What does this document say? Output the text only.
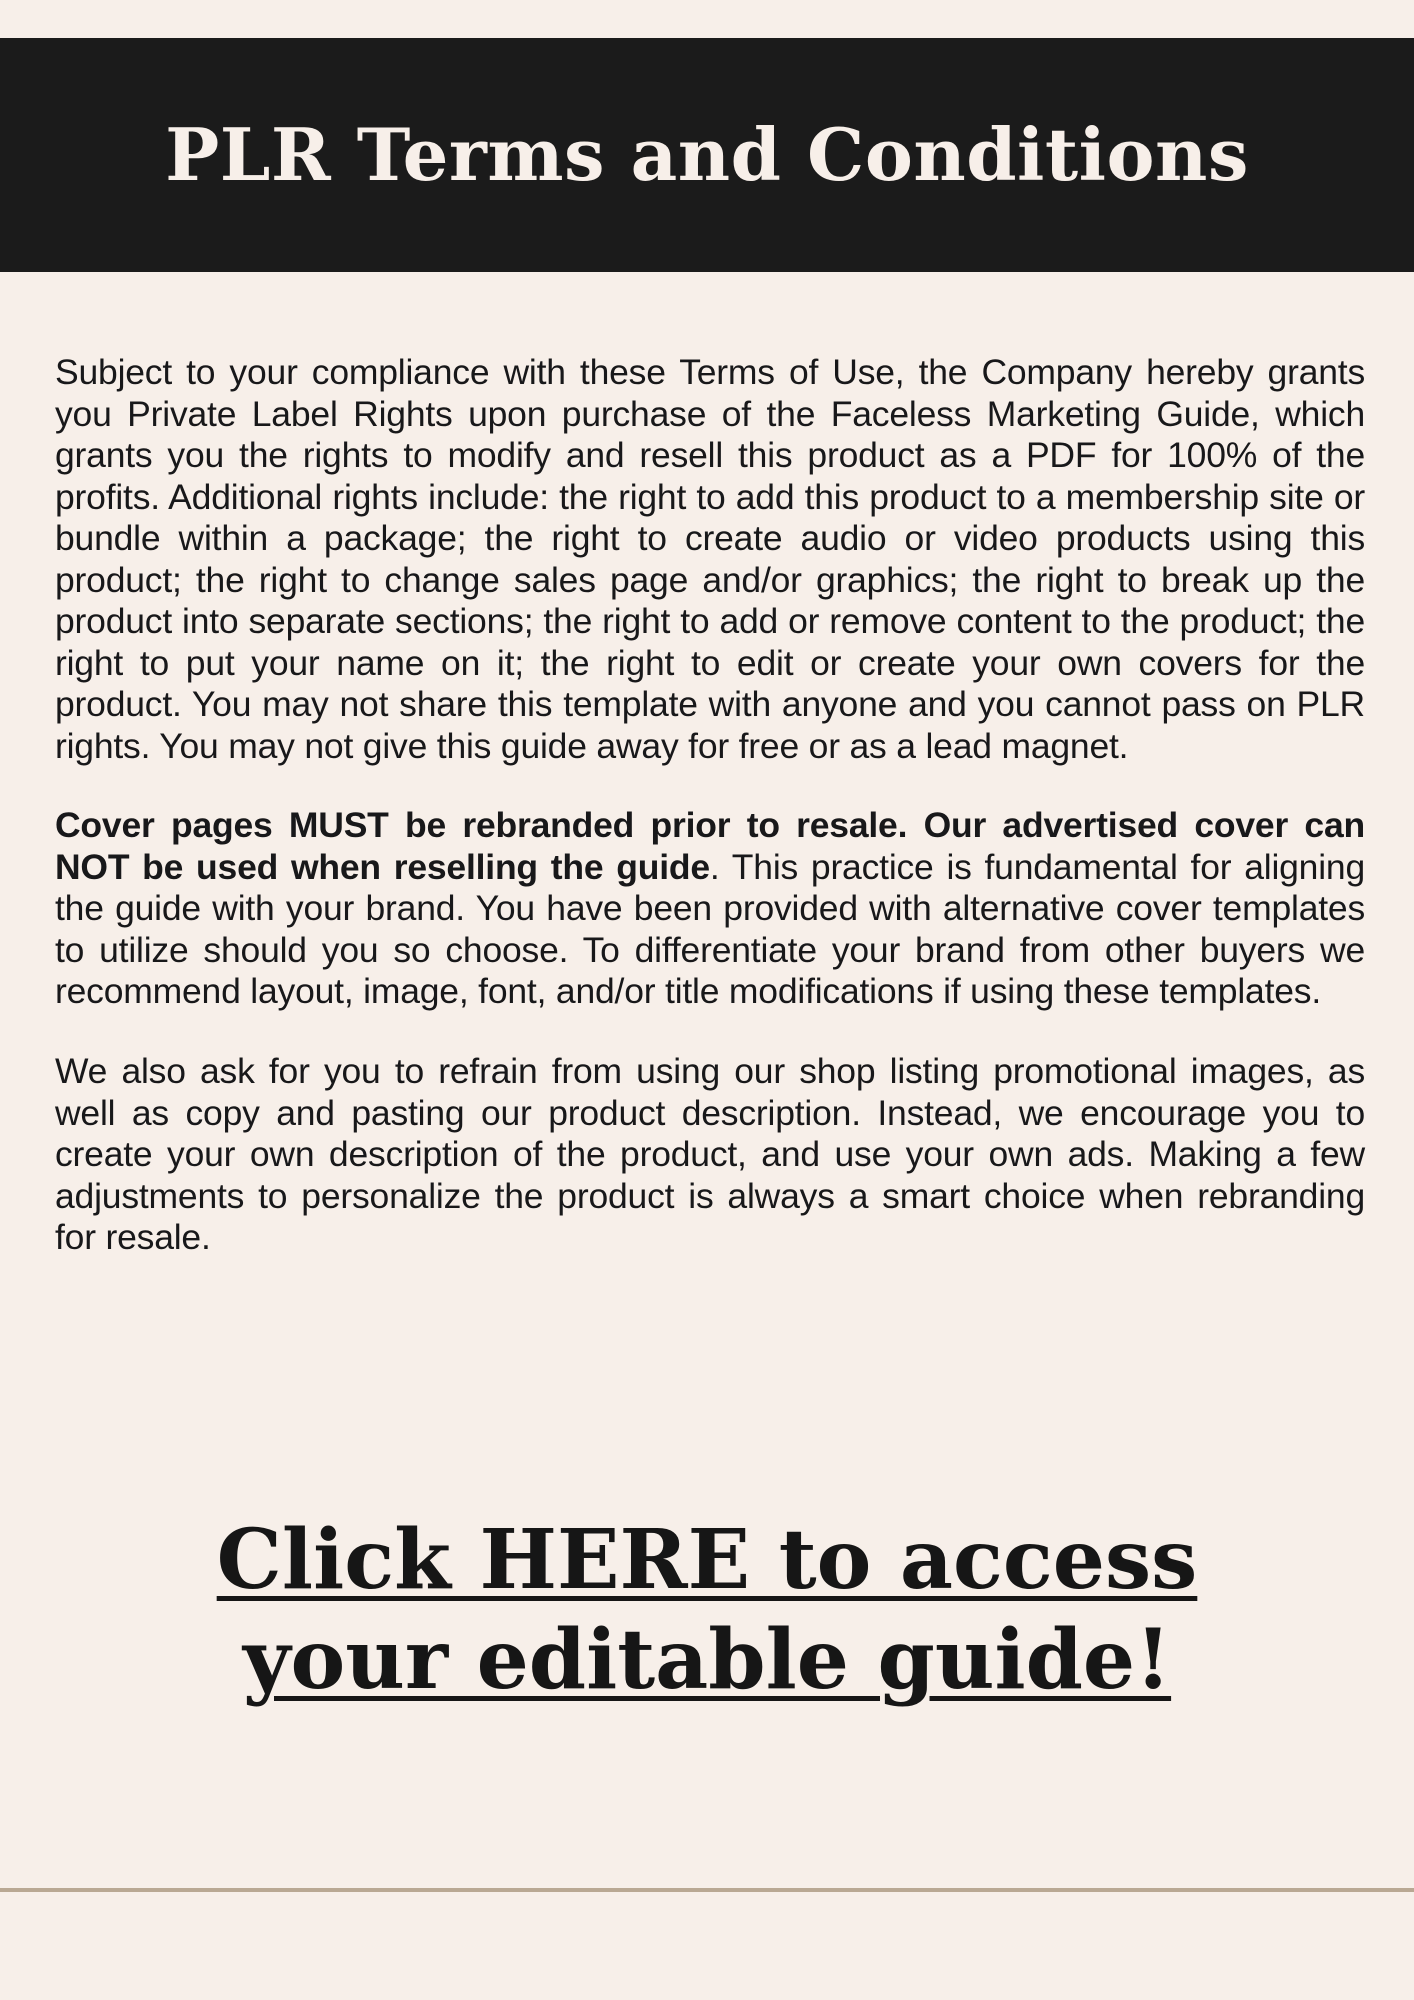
PLR Terms and Conditions

Subject to your compliance with these Terms of Use, the Company hereby grants you Private Label Rights upon purchase of the Faceless Marketing Guide, which grants you the rights to modify and resell this product as a PDF for 100% of the profits. Additional rights include: the right to add this product to a membership site or bundle within a package; the right to create audio or video products using this product; the right to change sales page and/or graphics; the right to break up the product into separate sections; the right to add or remove content to the product; the right to put your name on it; the right to edit or create your own covers for the product. You may not share this template with anyone and you cannot pass on PLR rights. You may not give this guide away for free or as a lead magnet.

Cover pages MUST be rebranded prior to resale. Our advertised cover can NOT be used when reselling the guide. This practice is fundamental for aligning the guide with your brand. You have been provided with alternative cover templates to utilize should you so choose. To differentiate your brand from other buyers we recommend layout, image, font, and/or title modifications if using these templates.

We also ask for you to refrain from using our shop listing promotional images, as well as copy and pasting our product description. Instead, we encourage you to create your own description of the product, and use your own ads. Making a few adjustments to personalize the product is always a smart choice when rebranding for resale.

Click HERE to access your editable guide!
